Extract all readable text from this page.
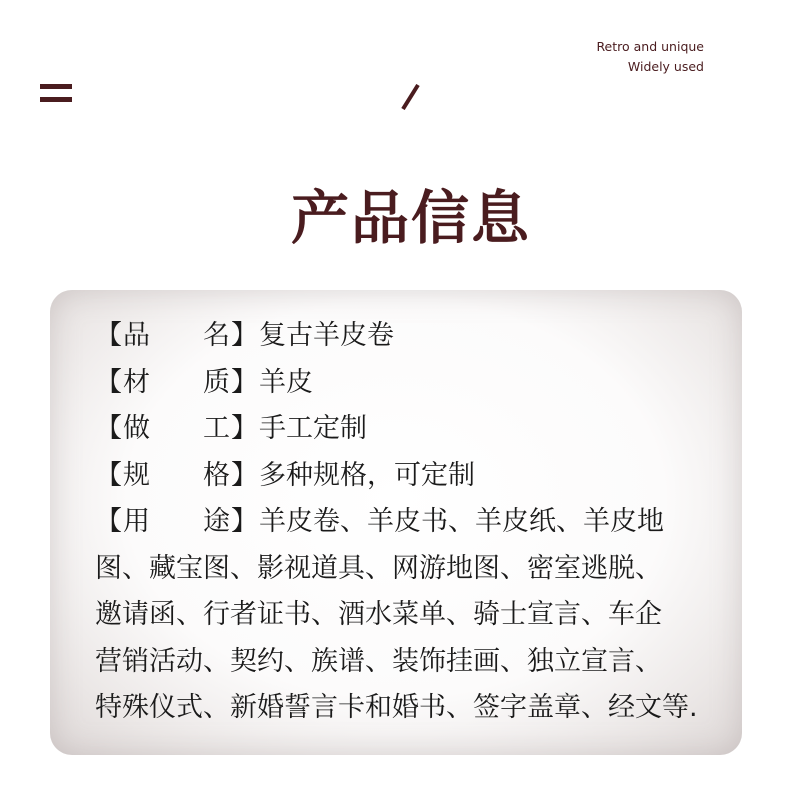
Retro and unique
Widely used
产品信息
【 品 名 】 复古羊皮卷
【 材 质 】 羊皮
【 做 工 】 手工定制
【 规 格 】 多种规格，可定制
【 用 途 】 羊皮卷、羊皮书、羊皮纸、羊皮地
图、藏宝图、影视道具、网游地图、密室逃脱、
邀请函、行者证书、酒水菜单、骑士宣言、车企
营销活动、契约、族谱、装饰挂画、独立宣言、
特殊仪式、新婚誓言卡和婚书、签字盖章、经文等.
